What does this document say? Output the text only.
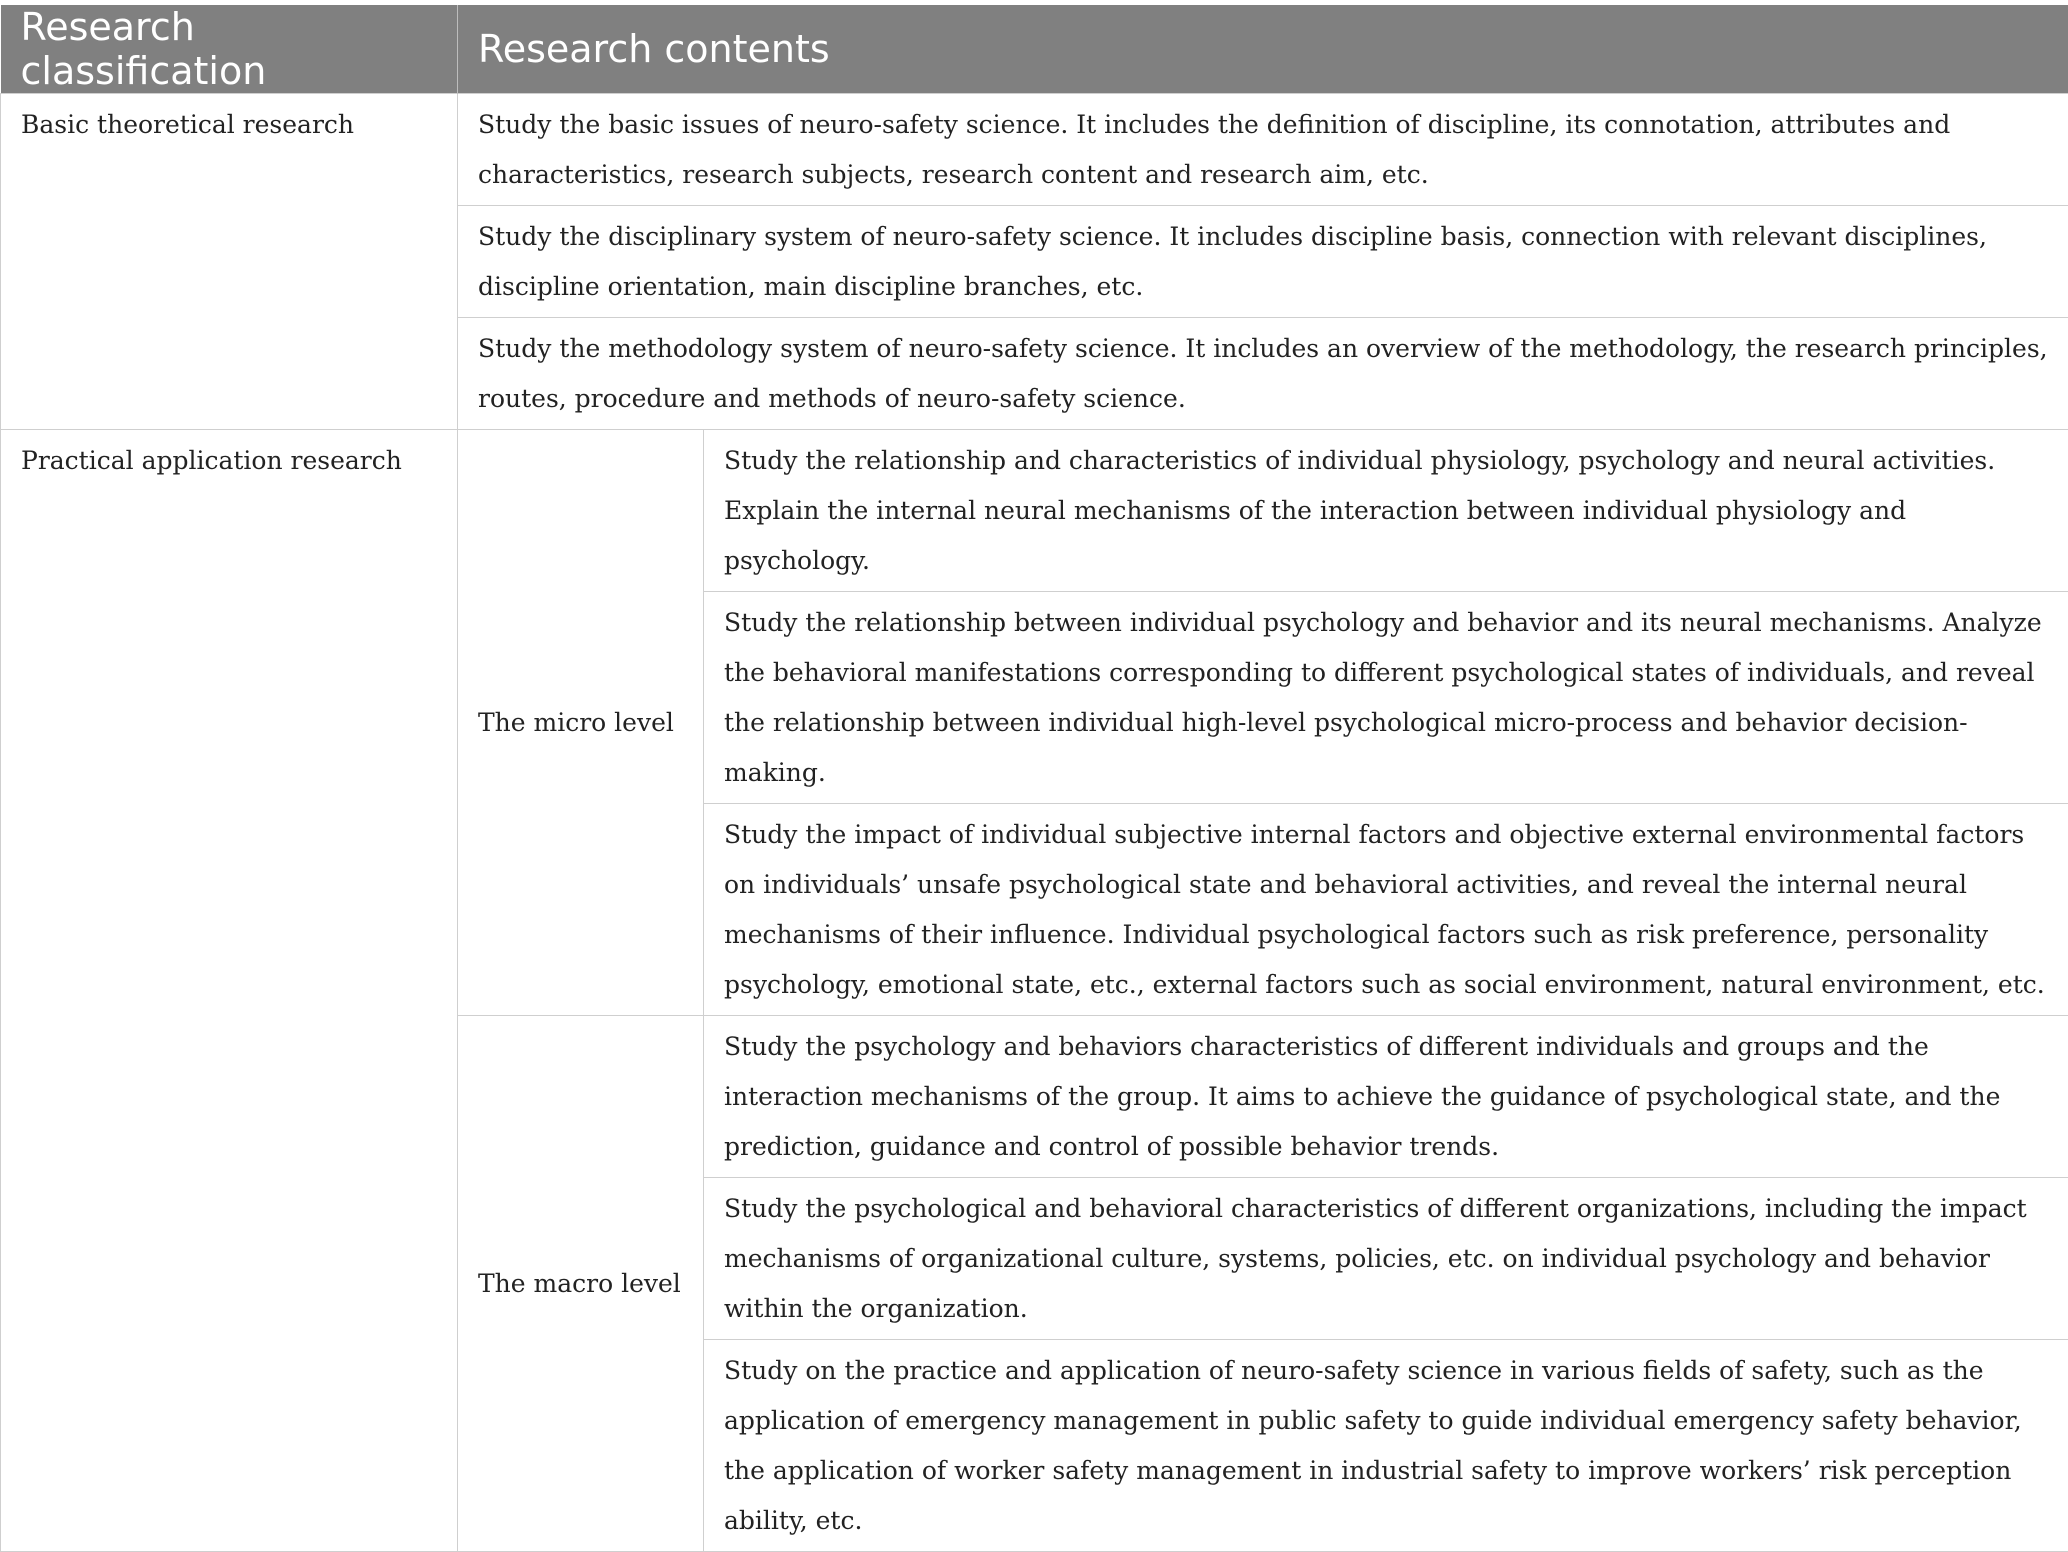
Research classification	Research contents	
Basic theoretical research	Study the basic issues of neuro-safety science. It includes the definition of discipline, its connotation, attributes and characteristics, research subjects, research content and research aim, etc.	
	Study the disciplinary system of neuro-safety science. It includes discipline basis, connection with relevant disciplines, discipline orientation, main discipline branches, etc.	
	Study the methodology system of neuro-safety science. It includes an overview of the methodology, the research principles, routes, procedure and methods of neuro-safety science.	
Practical application research	The micro level	Study the relationship and characteristics of individual physiology, psychology and neural activities. Explain the internal neural mechanisms of the interaction between individual physiology and psychology.
		Study the relationship between individual psychology and behavior and its neural mechanisms. Analyze the behavioral manifestations corresponding to different psychological states of individuals, and reveal the relationship between individual high-level psychological micro-process and behavior decision-making.
		Study the impact of individual subjective internal factors and objective external environmental factors on individuals’ unsafe psychological state and behavioral activities, and reveal the internal neural mechanisms of their influence. Individual psychological factors such as risk preference, personality psychology, emotional state, etc., external factors such as social environment, natural environment, etc.
	The macro level	Study the psychology and behaviors characteristics of different individuals and groups and the interaction mechanisms of the group. It aims to achieve the guidance of psychological state, and the prediction, guidance and control of possible behavior trends.
		Study the psychological and behavioral characteristics of different organizations, including the impact mechanisms of organizational culture, systems, policies, etc. on individual psychology and behavior within the organization.
		Study on the practice and application of neuro-safety science in various fields of safety, such as the application of emergency management in public safety to guide individual emergency safety behavior, the application of worker safety management in industrial safety to improve workers’ risk perception ability, etc.
